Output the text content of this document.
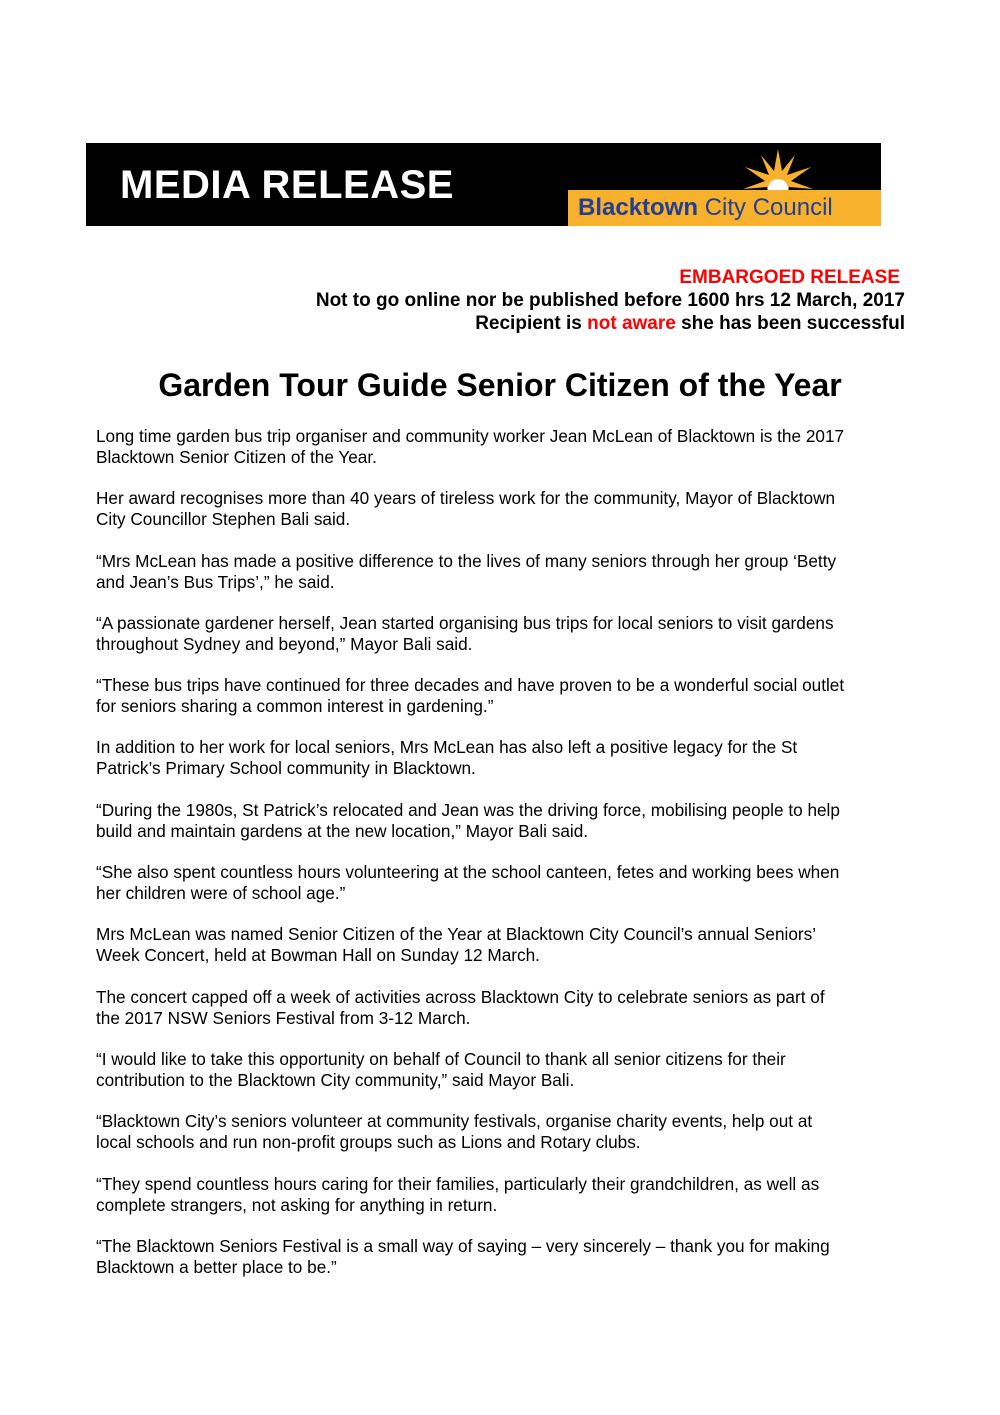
MEDIA RELEASE
Blacktown City Council
EMBARGOED RELEASE
Not to go online nor be published before 1600 hrs 12 March, 2017
Recipient is not aware she has been successful
Garden Tour Guide Senior Citizen of the Year

Long time garden bus trip organiser and community worker Jean McLean of Blacktown is the 2017
Blacktown Senior Citizen of the Year.

Her award recognises more than 40 years of tireless work for the community, Mayor of Blacktown
City Councillor Stephen Bali said.

“Mrs McLean has made a positive difference to the lives of many seniors through her group ‘Betty
and Jean’s Bus Trips’,” he said.

“A passionate gardener herself, Jean started organising bus trips for local seniors to visit gardens
throughout Sydney and beyond,” Mayor Bali said.

“These bus trips have continued for three decades and have proven to be a wonderful social outlet
for seniors sharing a common interest in gardening.”

In addition to her work for local seniors, Mrs McLean has also left a positive legacy for the St
Patrick’s Primary School community in Blacktown.

“During the 1980s, St Patrick’s relocated and Jean was the driving force, mobilising people to help
build and maintain gardens at the new location,” Mayor Bali said.

“She also spent countless hours volunteering at the school canteen, fetes and working bees when
her children were of school age.”

Mrs McLean was named Senior Citizen of the Year at Blacktown City Council’s annual Seniors’
Week Concert, held at Bowman Hall on Sunday 12 March.

The concert capped off a week of activities across Blacktown City to celebrate seniors as part of
the 2017 NSW Seniors Festival from 3-12 March.

“I would like to take this opportunity on behalf of Council to thank all senior citizens for their
contribution to the Blacktown City community,” said Mayor Bali.

“Blacktown City’s seniors volunteer at community festivals, organise charity events, help out at
local schools and run non-profit groups such as Lions and Rotary clubs.

“They spend countless hours caring for their families, particularly their grandchildren, as well as
complete strangers, not asking for anything in return.

“The Blacktown Seniors Festival is a small way of saying – very sincerely – thank you for making
Blacktown a better place to be.”
